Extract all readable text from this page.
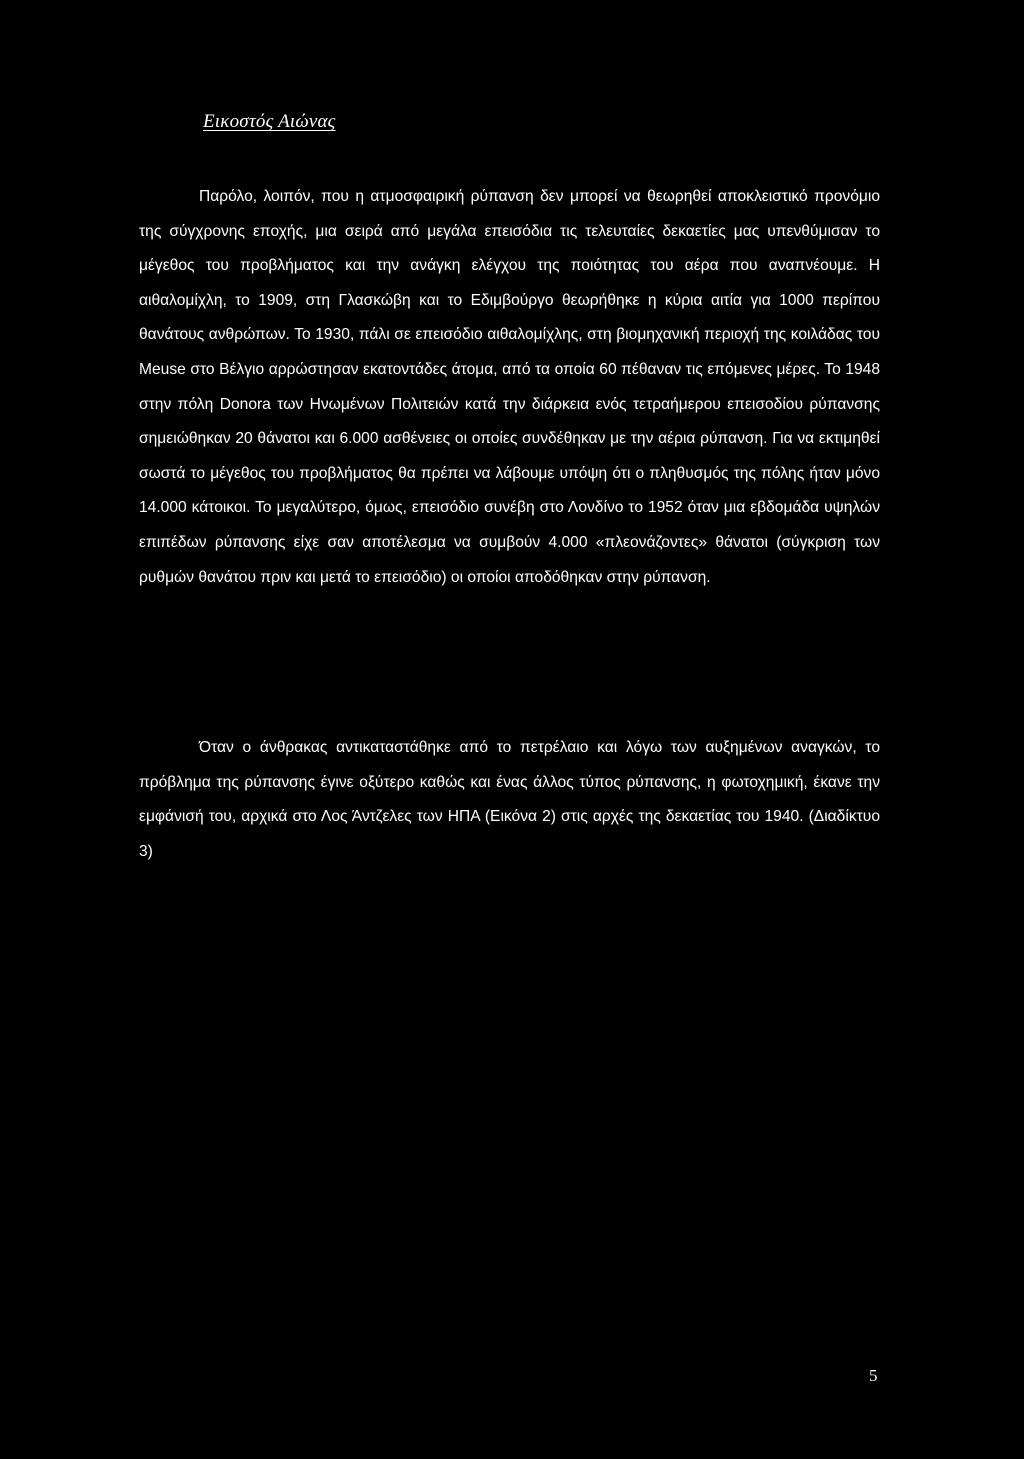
Εικοστός Αιώνας

Παρόλο, λοιπόν, που η ατμοσφαιρική ρύπανση δεν μπορεί να θεωρηθεί αποκλειστικό προνόμιο της σύγχρονης εποχής, μια σειρά από μεγάλα επεισόδια τις τελευταίες δεκαετίες μας υπενθύμισαν το μέγεθος του προβλήματος και την ανάγκη ελέγχου της ποιότητας του αέρα που αναπνέουμε. Η αιθαλομίχλη, το 1909, στη Γλασκώβη και το Εδιμβούργο θεωρήθηκε η κύρια αιτία για 1000 περίπου θανάτους ανθρώπων. Το 1930, πάλι σε επεισόδιο αιθαλομίχλης, στη βιομηχανική περιοχή της κοιλάδας του Meuse στο Βέλγιο αρρώστησαν εκατοντάδες άτομα, από τα οποία 60 πέθαναν τις επόμενες μέρες. Το 1948 στην πόλη Donora των Ηνωμένων Πολιτειών κατά την διάρκεια ενός τετραήμερου επεισοδίου ρύπανσης σημειώθηκαν 20 θάνατοι και 6.000 ασθένειες οι οποίες συνδέθηκαν με την αέρια ρύπανση. Για να εκτιμηθεί σωστά το μέγεθος του προβλήματος θα πρέπει να λάβουμε υπόψη ότι ο πληθυσμός της πόλης ήταν μόνο 14.000 κάτοικοι. Το μεγαλύτερο, όμως, επεισόδιο συνέβη στο Λονδίνο το 1952 όταν μια εβδομάδα υψηλών επιπέδων ρύπανσης είχε σαν αποτέλεσμα να συμβούν 4.000 «πλεονάζοντες» θάνατοι (σύγκριση των ρυθμών θανάτου πριν και μετά το επεισόδιο) οι οποίοι αποδόθηκαν στην ρύπανση.

Όταν ο άνθρακας αντικαταστάθηκε από το πετρέλαιο και λόγω των αυξημένων αναγκών, το πρόβλημα της ρύπανσης έγινε οξύτερο καθώς και ένας άλλος τύπος ρύπανσης, η φωτοχημική, έκανε την εμφάνισή του, αρχικά στο Λος Άντζελες των ΗΠΑ (Εικόνα 2) στις αρχές της δεκαετίας του 1940. (Διαδίκτυο 3)

5
